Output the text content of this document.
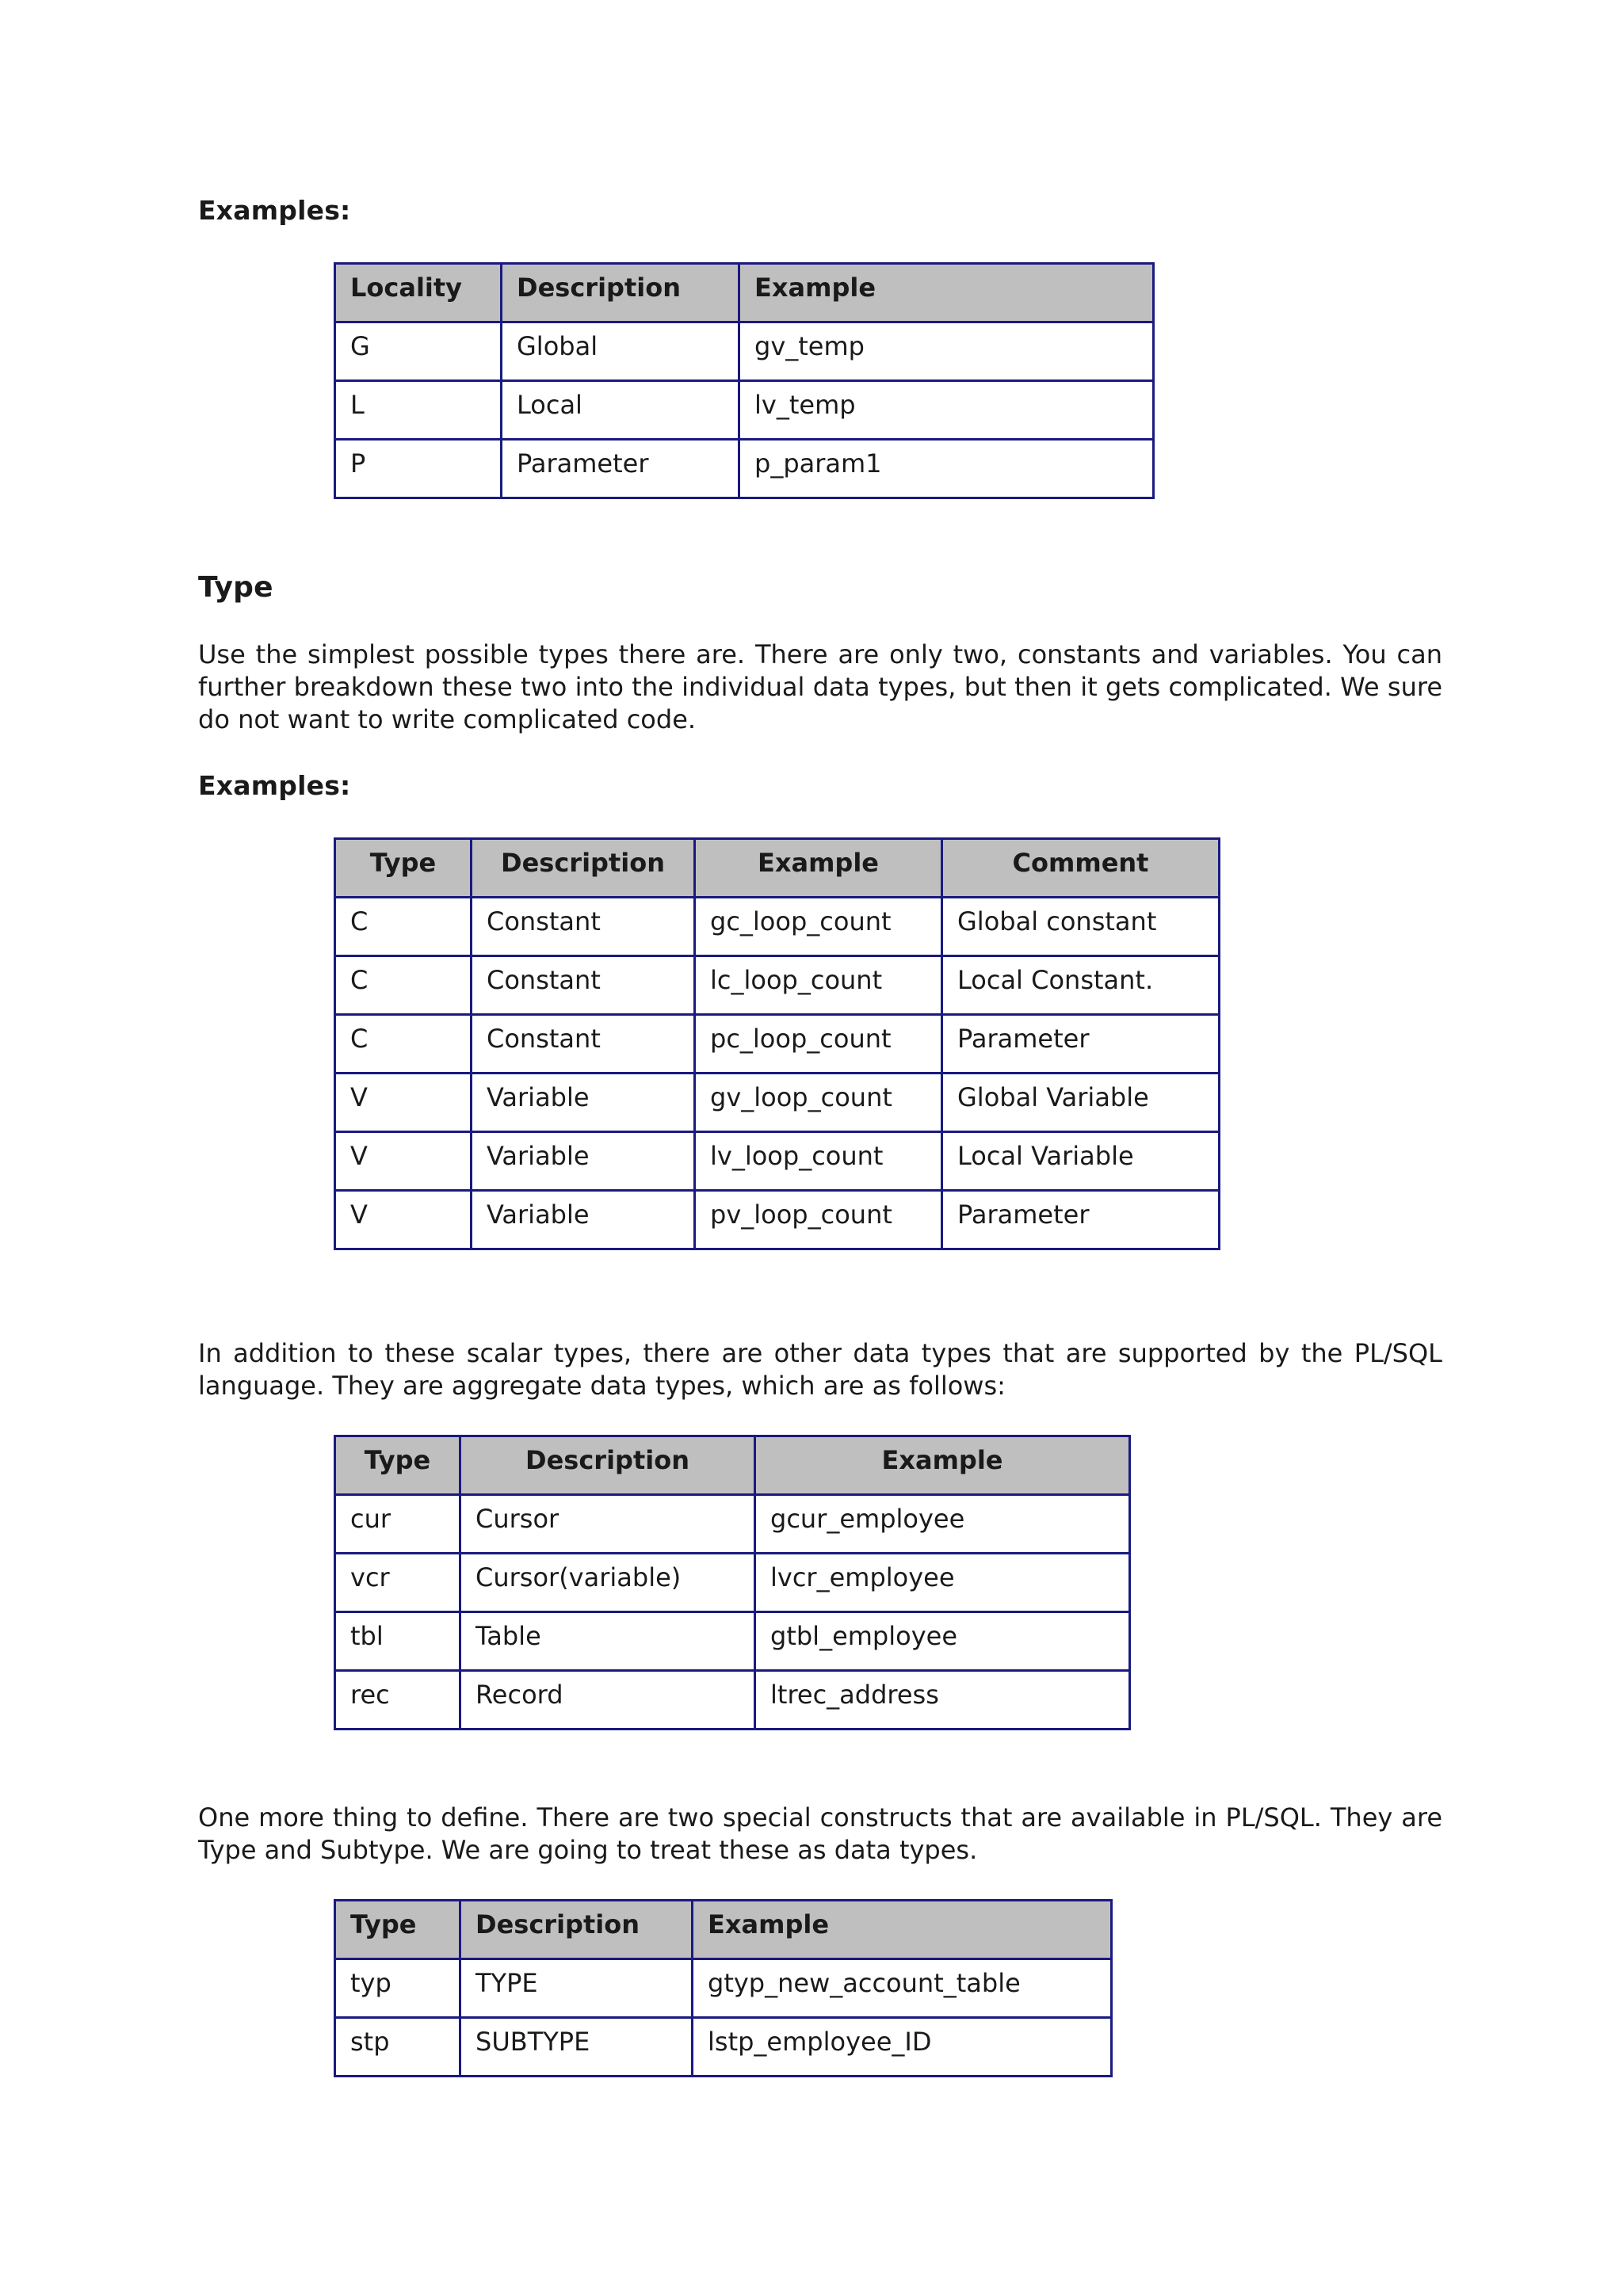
Examples:
Locality	Description	Example
G	Global	gv_temp
L	Local	lv_temp
P	Parameter	p_param1
Type
Use the simplest possible types there are. There are only two, constants and variables. You can further breakdown these two into the individual data types, but then it gets complicated. We sure do not want to write complicated code.
Examples:
Type	Description	Example	Comment
C	Constant	gc_loop_count	Global constant
C	Constant	lc_loop_count	Local Constant.
C	Constant	pc_loop_count	Parameter
V	Variable	gv_loop_count	Global Variable
V	Variable	lv_loop_count	Local Variable
V	Variable	pv_loop_count	Parameter
In addition to these scalar types, there are other data types that are supported by the PL/SQL language. They are aggregate data types, which are as follows:
Type	Description	Example
cur	Cursor	gcur_employee
vcr	Cursor(variable)	lvcr_employee
tbl	Table	gtbl_employee
rec	Record	ltrec_address
One more thing to define. There are two special constructs that are available in PL/SQL. They are Type and Subtype. We are going to treat these as data types.
Type	Description	Example
typ	TYPE	gtyp_new_account_table
stp	SUBTYPE	lstp_employee_ID
